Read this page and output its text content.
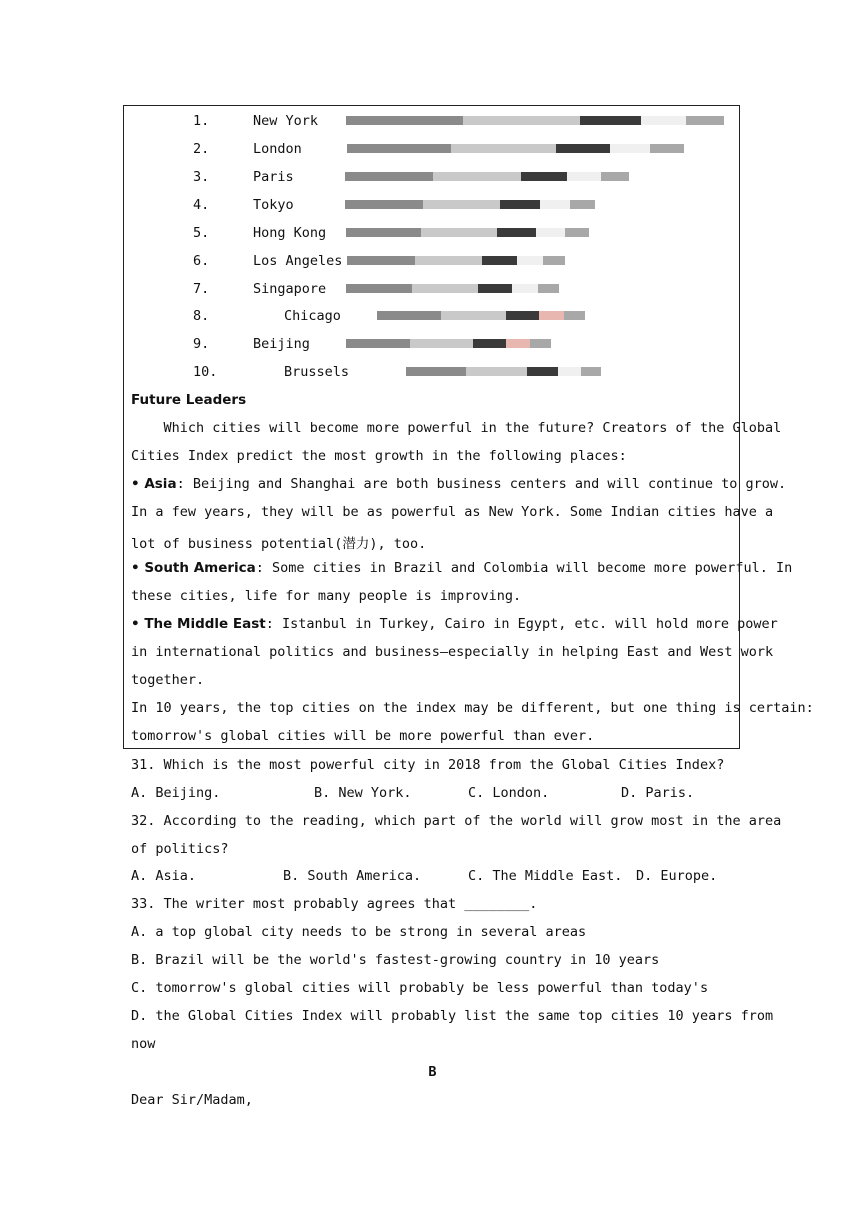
Future Leaders
Which cities will become more powerful in the future? Creators of the Global
Cities Index predict the most growth in the following places:
• Asia: Beijing and Shanghai are both business centers and will continue to grow.
In a few years, they will be as powerful as New York. Some Indian cities have a
lot of business potential(潜力), too.
• South America: Some cities in Brazil and Colombia will become more powerful. In
these cities, life for many people is improving.
• The Middle East: Istanbul in Turkey, Cairo in Egypt, etc. will hold more power
in international politics and business—especially in helping East and West work
together.
In 10 years, the top cities on the index may be different, but one thing is certain:
tomorrow's global cities will be more powerful than ever.
31. Which is the most powerful city in 2018 from the Global Cities Index?
A. Beijing.	B. New York.	C. London.	D. Paris.
32. According to the reading, which part of the world will grow most in the area
of politics?
A. Asia.	B. South America.	C. The Middle East. D. Europe.
33. The writer most probably agrees that ________.
A. a top global city needs to be strong in several areas
B. Brazil will be the world's fastest-growing country in 10 years
C. tomorrow's global cities will probably be less powerful than today's
D. the Global Cities Index will probably list the same top cities 10 years from
now
B
Dear Sir/Madam,
1.	New York
2.	London
3.	Paris
4.	Tokyo
5.	Hong Kong
6.	Los Angeles
7.	Singapore
8.	Chicago
9.	Beijing
10.	Brussels
